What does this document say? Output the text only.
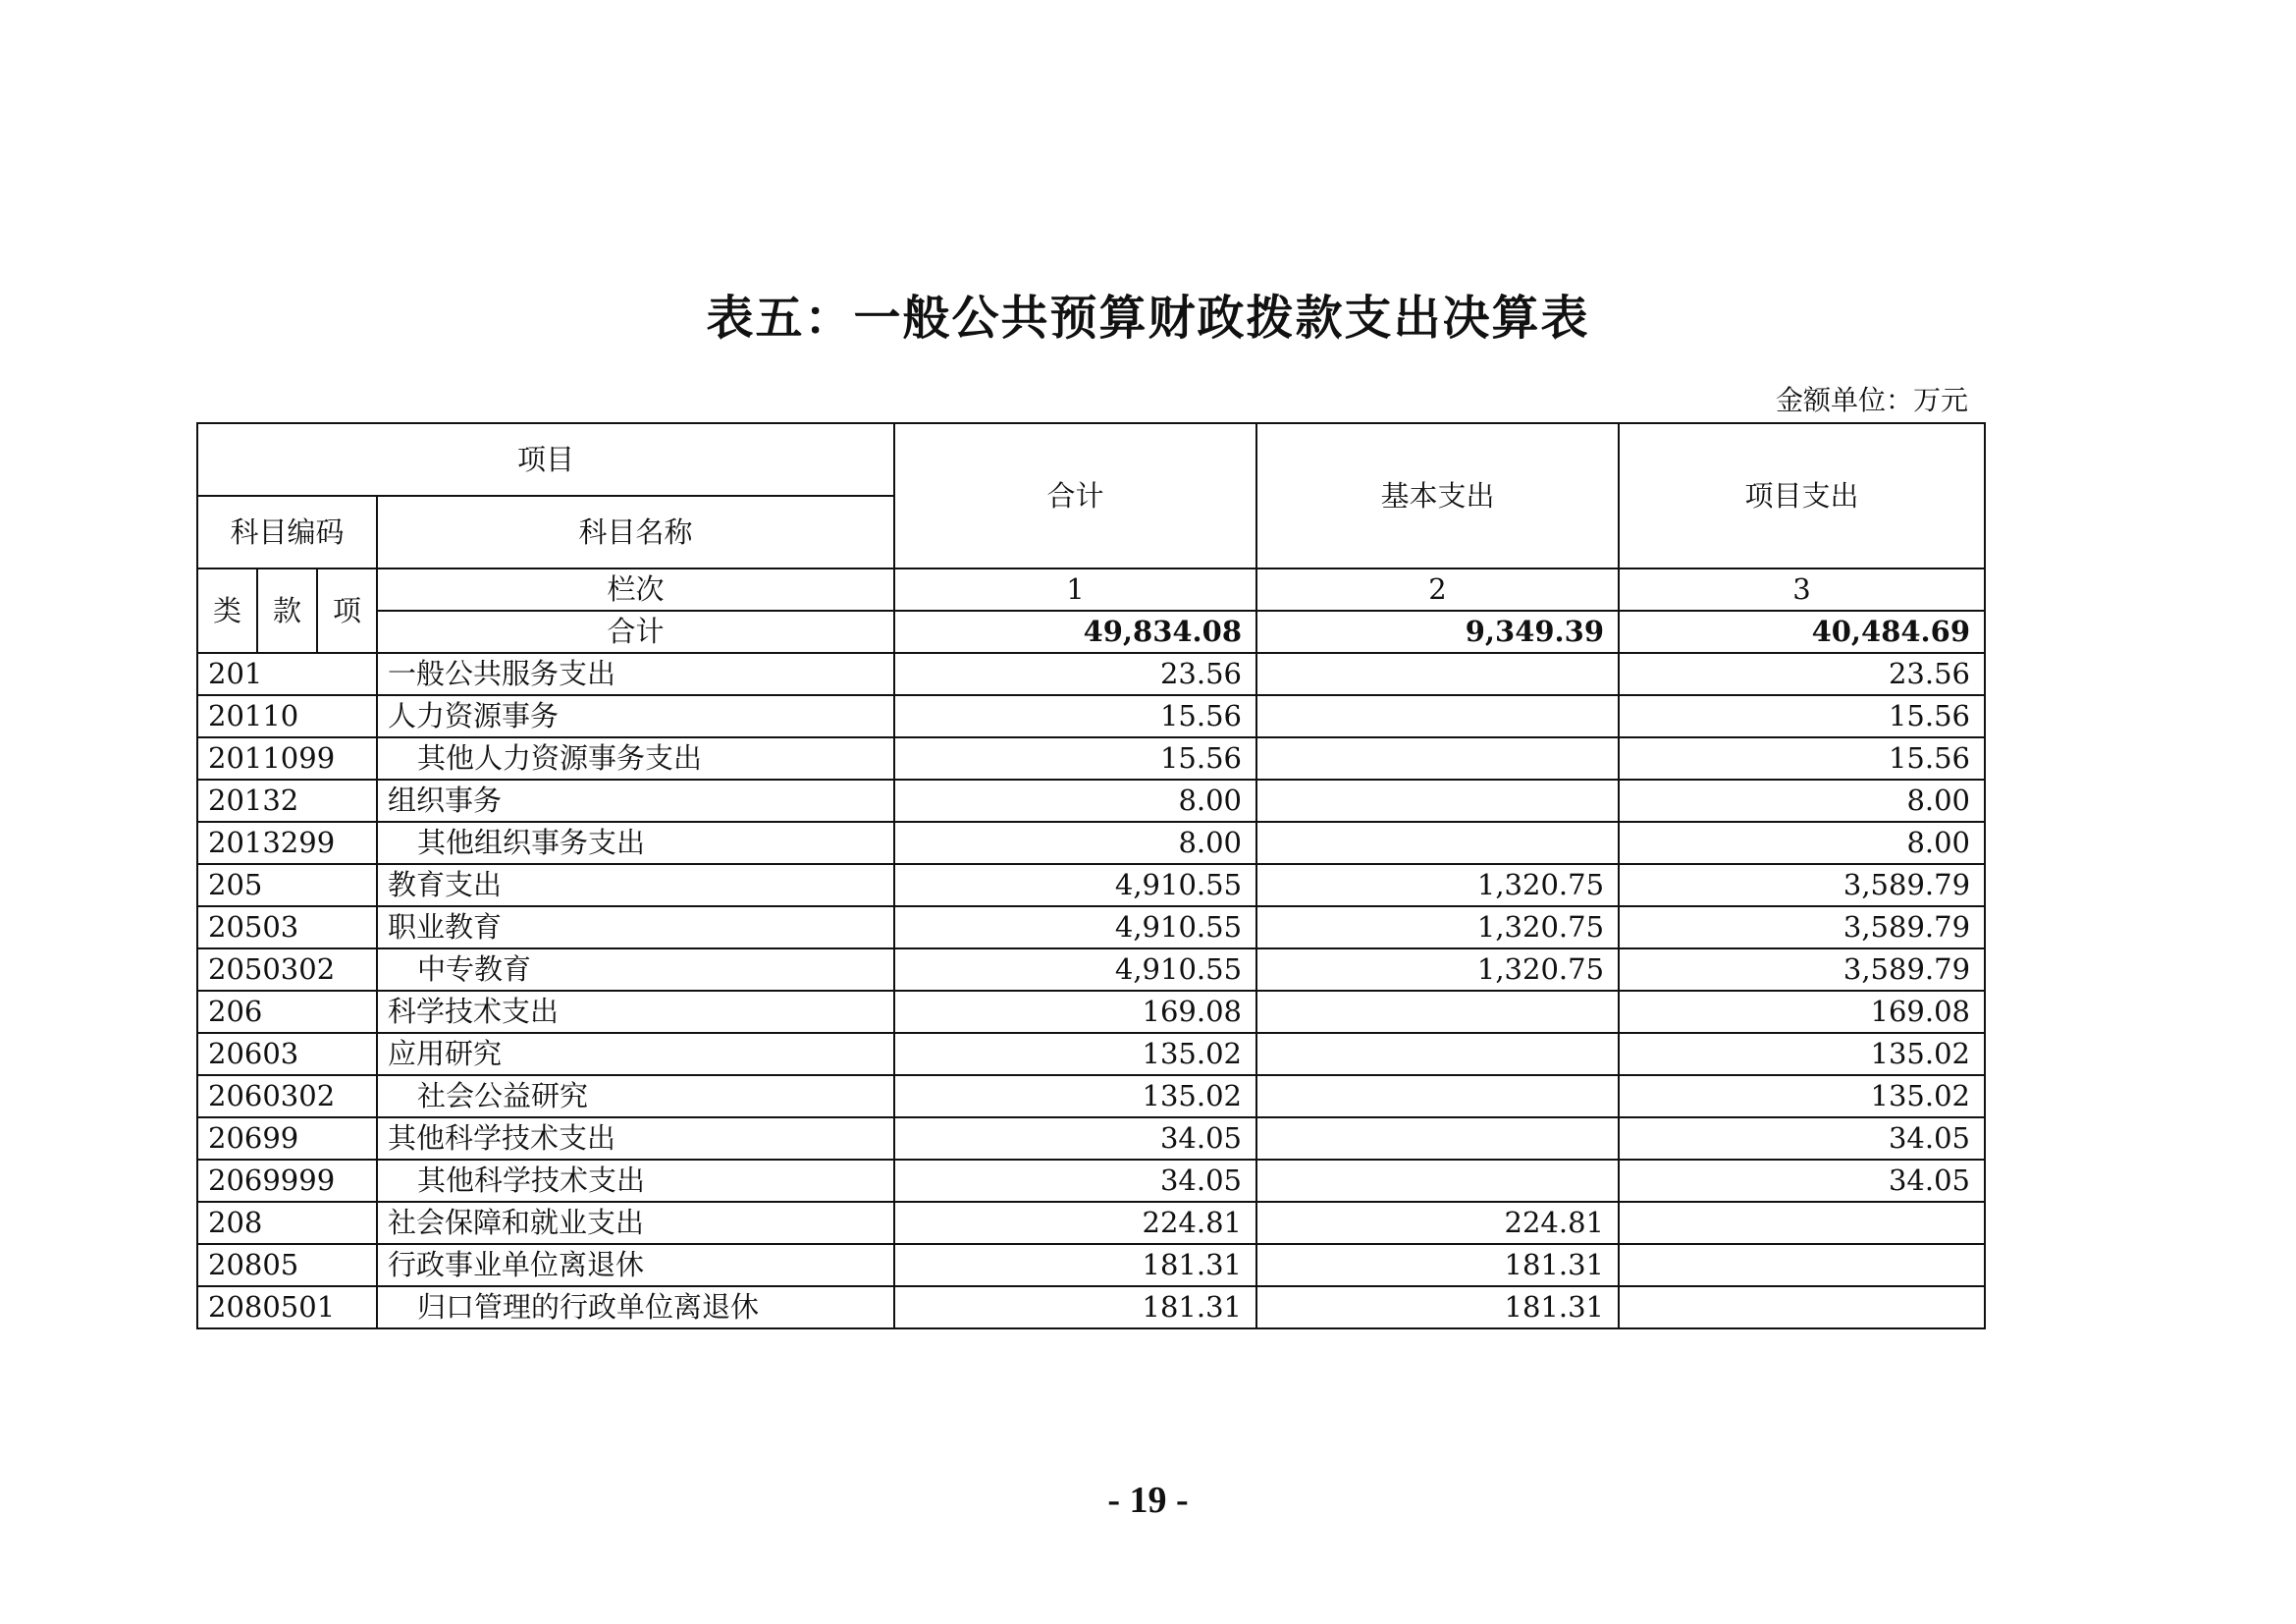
表五：一般公共预算财政拨款支出决算表
金额单位：万元
项目				合计	基本支出	项目支出
科目编码			科目名称			
类	款	项	栏次	1	2	3
			合计	49,834.08	9,349.39	40,484.69
201			一般公共服务支出	23.56		23.56
20110			人力资源事务	15.56		15.56
2011099			其他人力资源事务支出	15.56		15.56
20132			组织事务	8.00		8.00
2013299			其他组织事务支出	8.00		8.00
205			教育支出	4,910.55	1,320.75	3,589.79
20503			职业教育	4,910.55	1,320.75	3,589.79
2050302			中专教育	4,910.55	1,320.75	3,589.79
206			科学技术支出	169.08		169.08
20603			应用研究	135.02		135.02
2060302			社会公益研究	135.02		135.02
20699			其他科学技术支出	34.05		34.05
2069999			其他科学技术支出	34.05		34.05
208			社会保障和就业支出	224.81	224.81	
20805			行政事业单位离退休	181.31	181.31	
2080501			归口管理的行政单位离退休	181.31	181.31	
- 19 -
